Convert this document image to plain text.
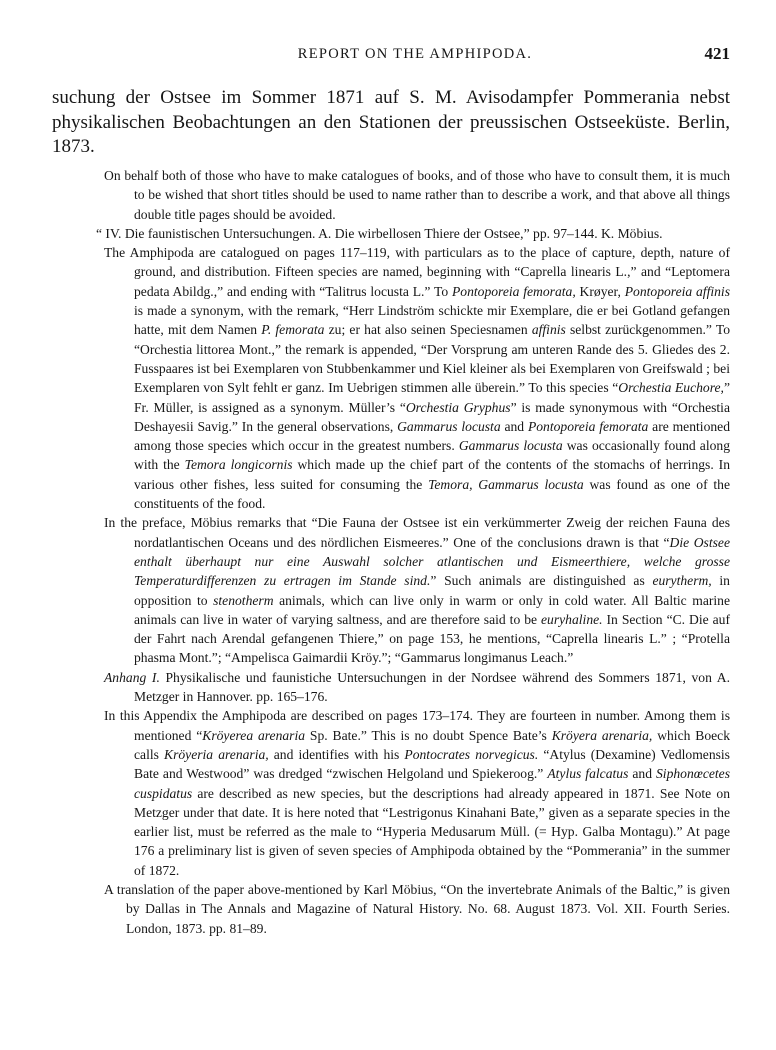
REPORT ON THE AMPHIPODA.	421

suchung der Ostsee im Sommer 1871 auf S. M. Avisodampfer Pommerania nebst physikalischen Beobachtungen an den Stationen der preussischen Ostseeküste. Berlin, 1873.

On behalf both of those who have to make catalogues of books, and of those who have to consult them, it is much to be wished that short titles should be used to name rather than to describe a work, and that above all things double title pages should be avoided.

“ IV. Die faunistischen Untersuchungen. A. Die wirbellosen Thiere der Ostsee,” pp. 97–144. K. Möbius.

The Amphipoda are catalogued on pages 117–119, with particulars as to the place of capture, depth, nature of ground, and distribution. Fifteen species are named, beginning with “Caprella linearis L.,” and “Leptomera pedata Abildg.,” and ending with “Talitrus locusta L.” To Pontoporeia femorata, Krøyer, Pontoporeia affinis is made a synonym, with the remark, “Herr Lindström schickte mir Exemplare, die er bei Gotland gefangen hatte, mit dem Namen P. femorata zu; er hat also seinen Speciesnamen affinis selbst zurückgenommen.” To “Orchestia littorea Mont.,” the remark is appended, “Der Vorsprung am unteren Rande des 5. Gliedes des 2. Fusspaares ist bei Exemplaren von Stubbenkammer und Kiel kleiner als bei Exemplaren von Greifswald ; bei Exemplaren von Sylt fehlt er ganz. Im Uebrigen stimmen alle überein.” To this species “Orchestia Euchore,” Fr. Müller, is assigned as a synonym. Müller’s “Orchestia Gryphus” is made synonymous with “Orchestia Deshayesii Savig.” In the general observations, Gammarus locusta and Pontoporeia femorata are mentioned among those species which occur in the greatest numbers. Gammarus locusta was occasionally found along with the Temora longicornis which made up the chief part of the contents of the stomachs of herrings. In various other fishes, less suited for consuming the Temora, Gammarus locusta was found as one of the constituents of the food.

In the preface, Möbius remarks that “Die Fauna der Ostsee ist ein verkümmerter Zweig der reichen Fauna des nordatlantischen Oceans und des nördlichen Eismeeres.” One of the conclusions drawn is that “Die Ostsee enthalt überhaupt nur eine Auswahl solcher atlantischen und Eismeerthiere, welche grosse Temperaturdifferenzen zu ertragen im Stande sind.” Such animals are distinguished as eurytherm, in opposition to stenotherm animals, which can live only in warm or only in cold water. All Baltic marine animals can live in water of varying saltness, and are therefore said to be euryhaline. In Section “C. Die auf der Fahrt nach Arendal gefangenen Thiere,” on page 153, he mentions, “Caprella linearis L.” ; “Protella phasma Mont.”; “Ampelisca Gaimardii Kröy.”; “Gammarus longimanus Leach.”

Anhang I. Physikalische und faunistiche Untersuchungen in der Nordsee während des Sommers 1871, von A. Metzger in Hannover. pp. 165–176.

In this Appendix the Amphipoda are described on pages 173–174. They are fourteen in number. Among them is mentioned “Kröyerea arenaria Sp. Bate.” This is no doubt Spence Bate’s Kröyera arenaria, which Boeck calls Kröyeria arenaria, and identifies with his Pontocrates norvegicus. “Atylus (Dexamine) Vedlomensis Bate and Westwood” was dredged “zwischen Helgoland und Spiekeroog.” Atylus falcatus and Siphonœcetes cuspidatus are described as new species, but the descriptions had already appeared in 1871. See Note on Metzger under that date. It is here noted that “Lestrigonus Kinahani Bate,” given as a separate species in the earlier list, must be referred as the male to “Hyperia Medusarum Müll. (= Hyp. Galba Montagu).” At page 176 a preliminary list is given of seven species of Amphipoda obtained by the “Pommerania” in the summer of 1872.

A translation of the paper above-mentioned by Karl Möbius, “On the invertebrate Animals of the Baltic,” is given by Dallas in The Annals and Magazine of Natural History. No. 68. August 1873. Vol. XII. Fourth Series. London, 1873. pp. 81–89.
